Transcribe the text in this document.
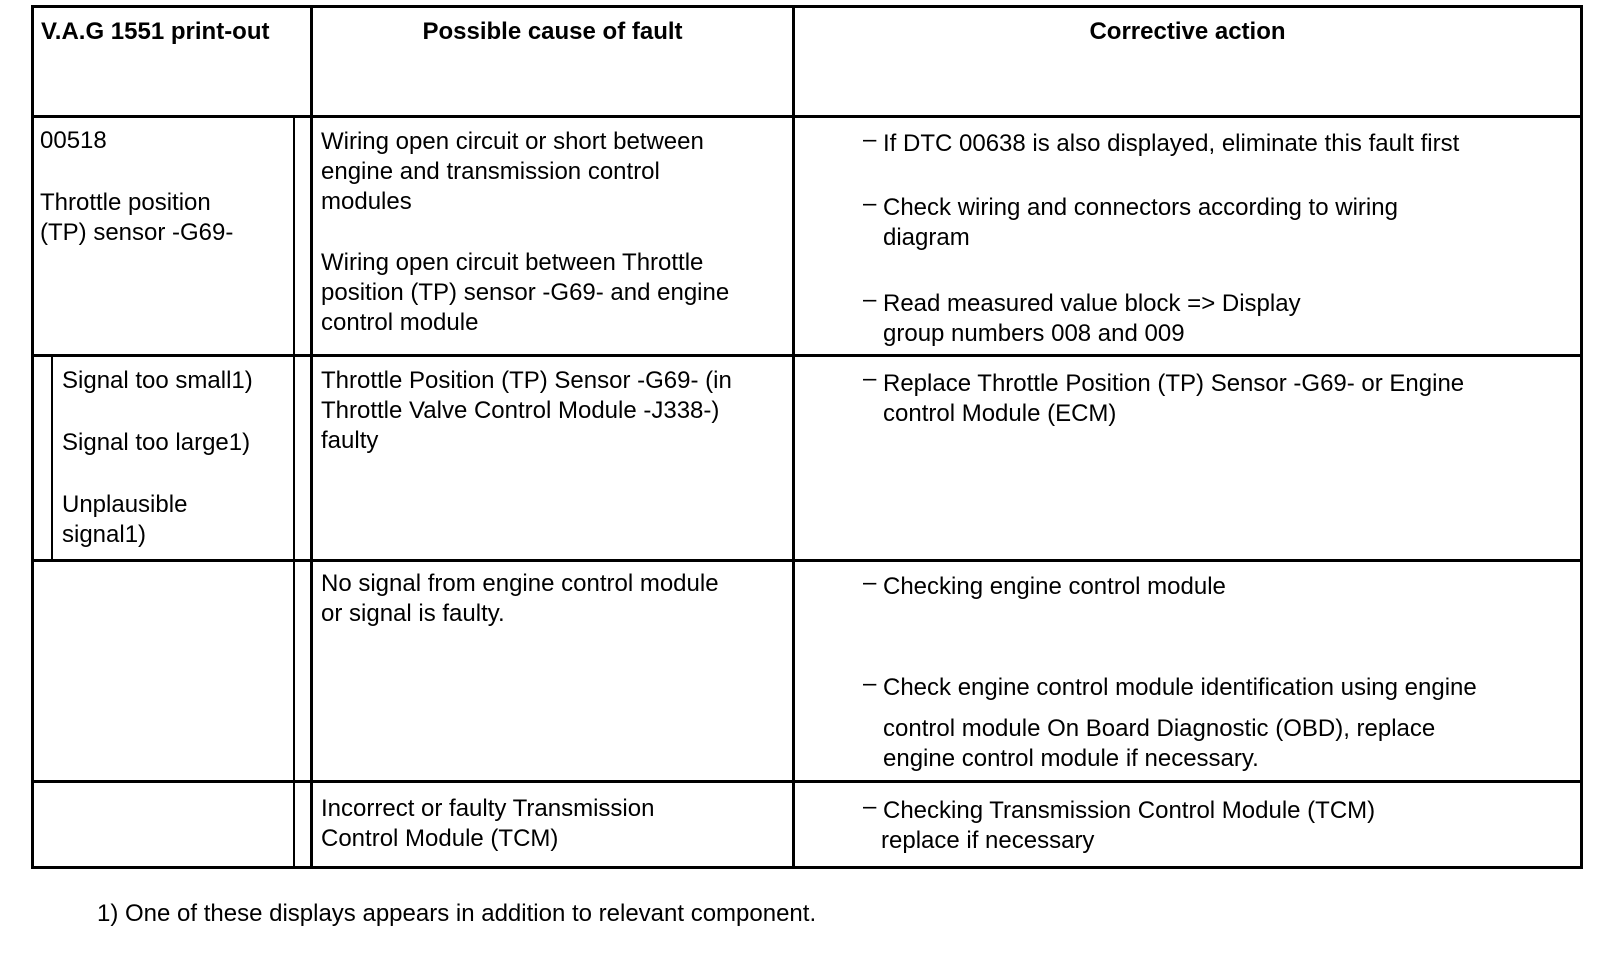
V.A.G 1551 print-out	Possible cause of fault	Corrective action
00518
Throttle position
(TP) sensor -G69-
Wiring open circuit or short between
engine and transmission control
modules
Wiring open circuit between Throttle
position (TP) sensor -G69- and engine
control module
– If DTC 00638 is also displayed, eliminate this fault first
– Check wiring and connectors according to wiring
diagram
– Read measured value block => Display
group numbers 008 and 009
Signal too small1)
Signal too large1)
Unplausible
signal1)
Throttle Position (TP) Sensor -G69- (in
Throttle Valve Control Module -J338-)
faulty
– Replace Throttle Position (TP) Sensor -G69- or Engine
control Module (ECM)
No signal from engine control module
or signal is faulty.
– Checking engine control module
– Check engine control module identification using engine
control module On Board Diagnostic (OBD), replace
engine control module if necessary.
Incorrect or faulty Transmission
Control Module (TCM)
– Checking Transmission Control Module (TCM)
replace if necessary
1) One of these displays appears in addition to relevant component.
